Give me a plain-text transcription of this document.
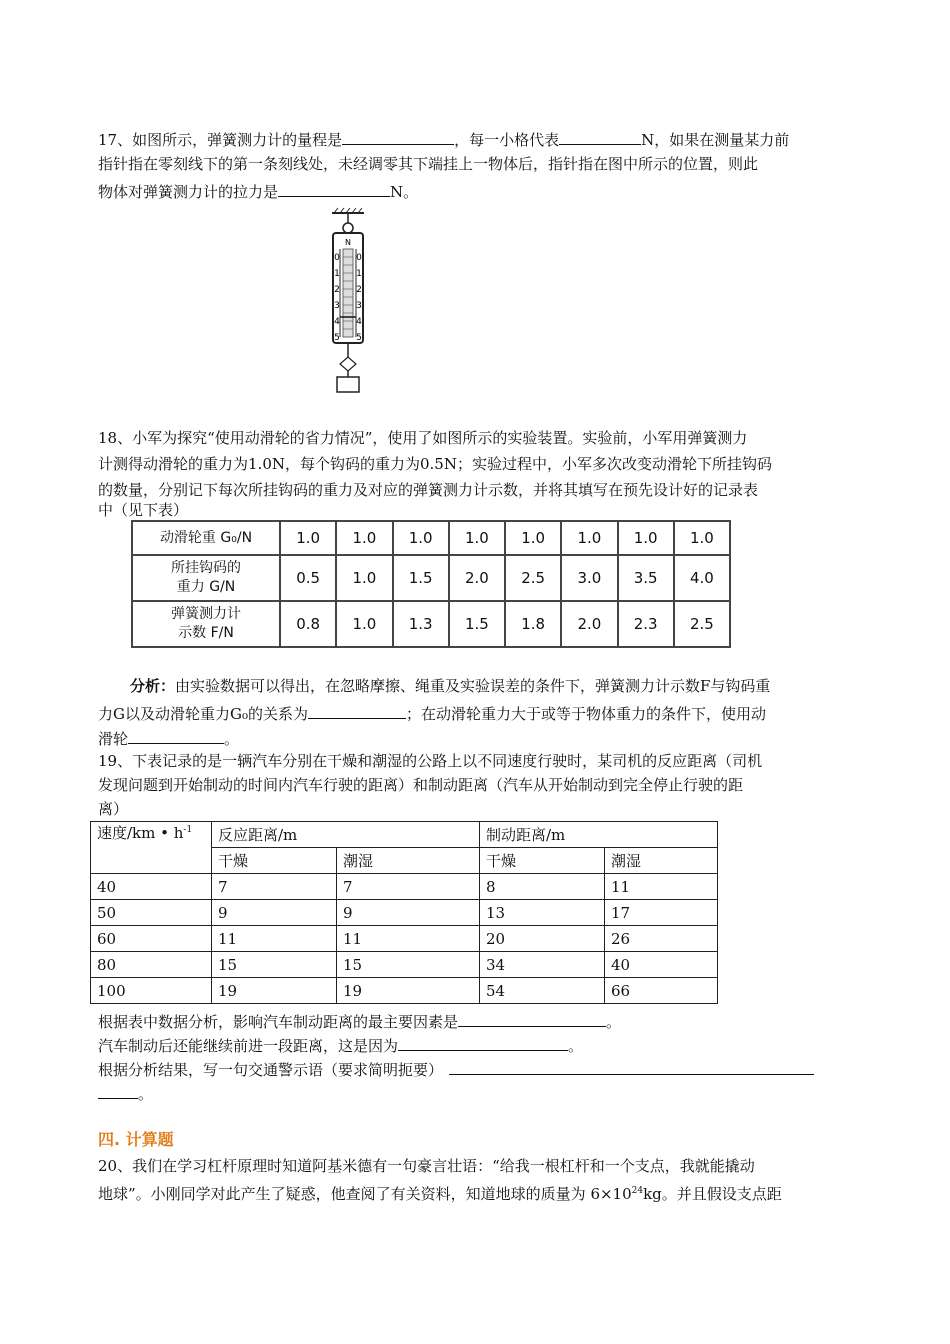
17、如图所示，弹簧测力计的量程是	，每一小格代表	N，如果在测量某力前
指针指在零刻线下的第一条刻线处，未经调零其下端挂上一物体后，指针指在图中所示的位置，则此
物体对弹簧测力计的拉力是	N。
N
0
1
2
3
4
5
0
1
2
3
4
5
18、小军为探究“使用动滑轮的省力情况”，使用了如图所示的实验装置。实验前，小军用弹簧测力
计测得动滑轮的重力为1.0N，每个钩码的重力为0.5N；实验过程中，小军多次改变动滑轮下所挂钩码
的数量，分别记下每次所挂钩码的重力及对应的弹簧测力计示数，并将其填写在预先设计好的记录表
中（见下表）
动滑轮重 G₀/N	1.0	1.0	1.0	1.0	1.0	1.0	1.0	1.0
所挂钩码的
重力 G/N	0.5	1.0	1.5	2.0	2.5	3.0	3.5	4.0
弹簧测力计
示数 F/N	0.8	1.0	1.3	1.5	1.8	2.0	2.3	2.5
分析：由实验数据可以得出，在忽略摩擦、绳重及实验误差的条件下，弹簧测力计示数F与钩码重
力G以及动滑轮重力G₀的关系为	；在动滑轮重力大于或等于物体重力的条件下，使用动
滑轮	。
19、下表记录的是一辆汽车分别在干燥和潮湿的公路上以不同速度行驶时，某司机的反应距离（司机
发现问题到开始制动的时间内汽车行驶的距离）和制动距离（汽车从开始制动到完全停止行驶的距
离）
速度/km • $h^{-1}$	反应距离/m		制动距离/m	
	干燥	潮湿	干燥	潮湿
40	7	7	8	11
50	9	9	13	17
60	11	11	20	26
80	15	15	34	40
100	19	19	54	66
根据表中数据分析，影响汽车制动距离的最主要因素是	。
汽车制动后还能继续前进一段距离，这是因为	。
根据分析结果，写一句交通警示语（要求简明扼要）
。
四. 计算题
20、我们在学习杠杆原理时知道阿基米德有一句豪言壮语：“给我一根杠杆和一个支点，我就能撬动
地球”。小刚同学对此产生了疑惑，他查阅了有关资料，知道地球的质量为 $6\times 10^{24}kg$。并且假设支点距
